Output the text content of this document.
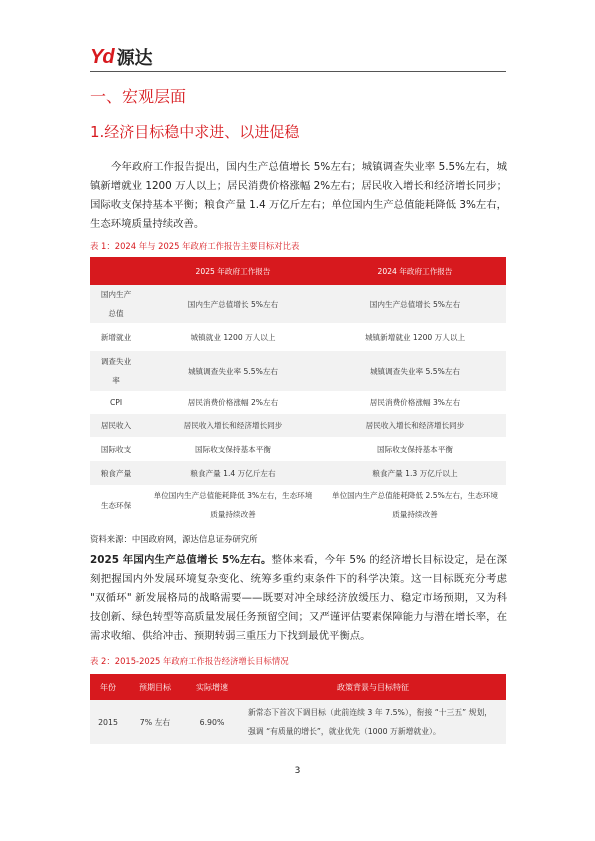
Yd 源达
一、宏观层面
1.经济目标稳中求进、以进促稳
今年政府工作报告提出，国内生产总值增长 5%左右；城镇调查失业率 5.5%左右，城镇新增就业 1200 万人以上；居民消费价格涨幅 2%左右；居民收入增长和经济增长同步；国际收支保持基本平衡；粮食产量 1.4 万亿斤左右；单位国内生产总值能耗降低 3%左右，生态环境质量持续改善。
表 1：2024 年与 2025 年政府工作报告主要目标对比表
	2025 年政府工作报告	2024 年政府工作报告
国内生产总值	国内生产总值增长 5%左右	国内生产总值增长 5%左右
新增就业	城镇就业 1200 万人以上	城镇新增就业 1200 万人以上
调查失业率	城镇调查失业率 5.5%左右	城镇调查失业率 5.5%左右
CPI	居民消费价格涨幅 2%左右	居民消费价格涨幅 3%左右
居民收入	居民收入增长和经济增长同步	居民收入增长和经济增长同步
国际收支	国际收支保持基本平衡	国际收支保持基本平衡
粮食产量	粮食产量 1.4 万亿斤左右	粮食产量 1.3 万亿斤以上
生态环保	单位国内生产总值能耗降低 3%左右，生态环境质量持续改善	单位国内生产总值能耗降低 2.5%左右，生态环境质量持续改善
资料来源：中国政府网，源达信息证券研究所
2025 年国内生产总值增长 5%左右。整体来看，今年 5% 的经济增长目标设定，是在深刻把握国内外发展环境复杂变化、统筹多重约束条件下的科学决策。这一目标既充分考虑 "双循环" 新发展格局的战略需要——既要对冲全球经济放缓压力、稳定市场预期，又为科技创新、绿色转型等高质量发展任务预留空间；又严谨评估要素保障能力与潜在增长率，在需求收缩、供给冲击、预期转弱三重压力下找到最优平衡点。
表 2：2015-2025 年政府工作报告经济增长目标情况
年份	预期目标	实际增速	政策背景与目标特征
2015	7% 左右	6.90%	新常态下首次下调目标（此前连续 3 年 7.5%），衔接 “十三五” 规划，强调 “有质量的增长”，就业优先（1000 万新增就业）。
3
